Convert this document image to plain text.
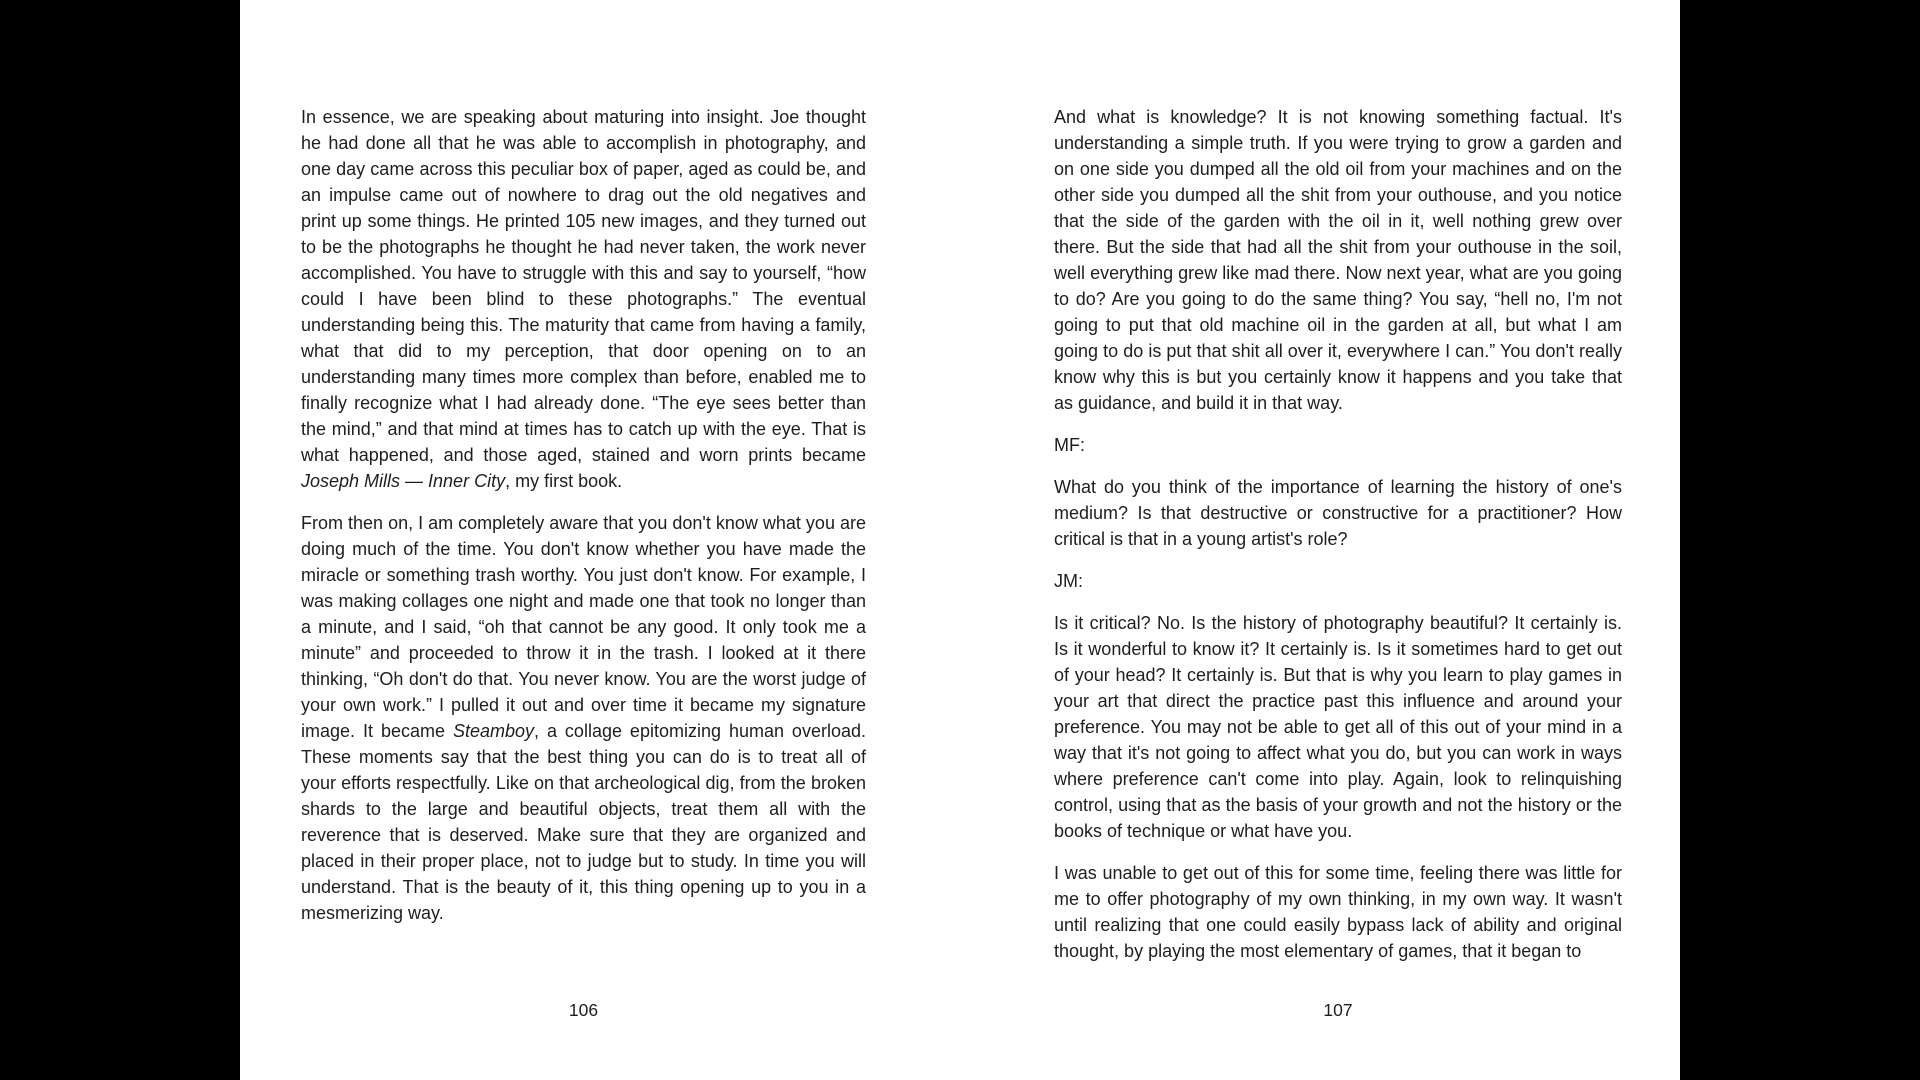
In essence, we are speaking about maturing into insight. Joe thought he had done all that he was able to accomplish in photography, and one day came across this peculiar box of paper, aged as could be, and an impulse came out of nowhere to drag out the old negatives and print up some things. He printed 105 new images, and they turned out to be the photographs he thought he had never taken, the work never accomplished. You have to struggle with this and say to yourself, “how could I have been blind to these photographs.” The eventual understanding being this. The maturity that came from having a family, what that did to my perception, that door opening on to an understanding many times more complex than before, enabled me to finally recognize what I had already done. “The eye sees better than the mind,” and that mind at times has to catch up with the eye. That is what happened, and those aged, stained and worn prints became Joseph Mills — Inner City, my first book.

From then on, I am completely aware that you don't know what you are doing much of the time. You don't know whether you have made the miracle or something trash worthy. You just don't know. For example, I was making collages one night and made one that took no longer than a minute, and I said, “oh that cannot be any good. It only took me a minute” and proceeded to throw it in the trash. I looked at it there thinking, “Oh don't do that. You never know. You are the worst judge of your own work.” I pulled it out and over time it became my signature image. It became Steamboy, a collage epitomizing human overload. These moments say that the best thing you can do is to treat all of your efforts respectfully. Like on that archeological dig, from the broken shards to the large and beautiful objects, treat them all with the reverence that is deserved. Make sure that they are organized and placed in their proper place, not to judge but to study. In time you will understand. That is the beauty of it, this thing opening up to you in a mesmerizing way.

106

And what is knowledge? It is not knowing something factual. It's understanding a simple truth. If you were trying to grow a garden and on one side you dumped all the old oil from your machines and on the other side you dumped all the shit from your outhouse, and you notice that the side of the garden with the oil in it, well nothing grew over there. But the side that had all the shit from your outhouse in the soil, well everything grew like mad there. Now next year, what are you going to do? Are you going to do the same thing? You say, “hell no, I'm not going to put that old machine oil in the garden at all, but what I am going to do is put that shit all over it, everywhere I can.” You don't really know why this is but you certainly know it happens and you take that as guidance, and build it in that way.

MF:

What do you think of the importance of learning the history of one's medium? Is that destructive or constructive for a practitioner? How critical is that in a young artist's role?

JM:

Is it critical? No. Is the history of photography beautiful? It certainly is. Is it wonderful to know it? It certainly is. Is it sometimes hard to get out of your head? It certainly is. But that is why you learn to play games in your art that direct the practice past this influence and around your preference. You may not be able to get all of this out of your mind in a way that it's not going to affect what you do, but you can work in ways where preference can't come into play. Again, look to relinquishing control, using that as the basis of your growth and not the history or the books of technique or what have you.

I was unable to get out of this for some time, feeling there was little for me to offer photography of my own thinking, in my own way. It wasn't until realizing that one could easily bypass lack of ability and original thought, by playing the most elementary of games, that it began to

107
